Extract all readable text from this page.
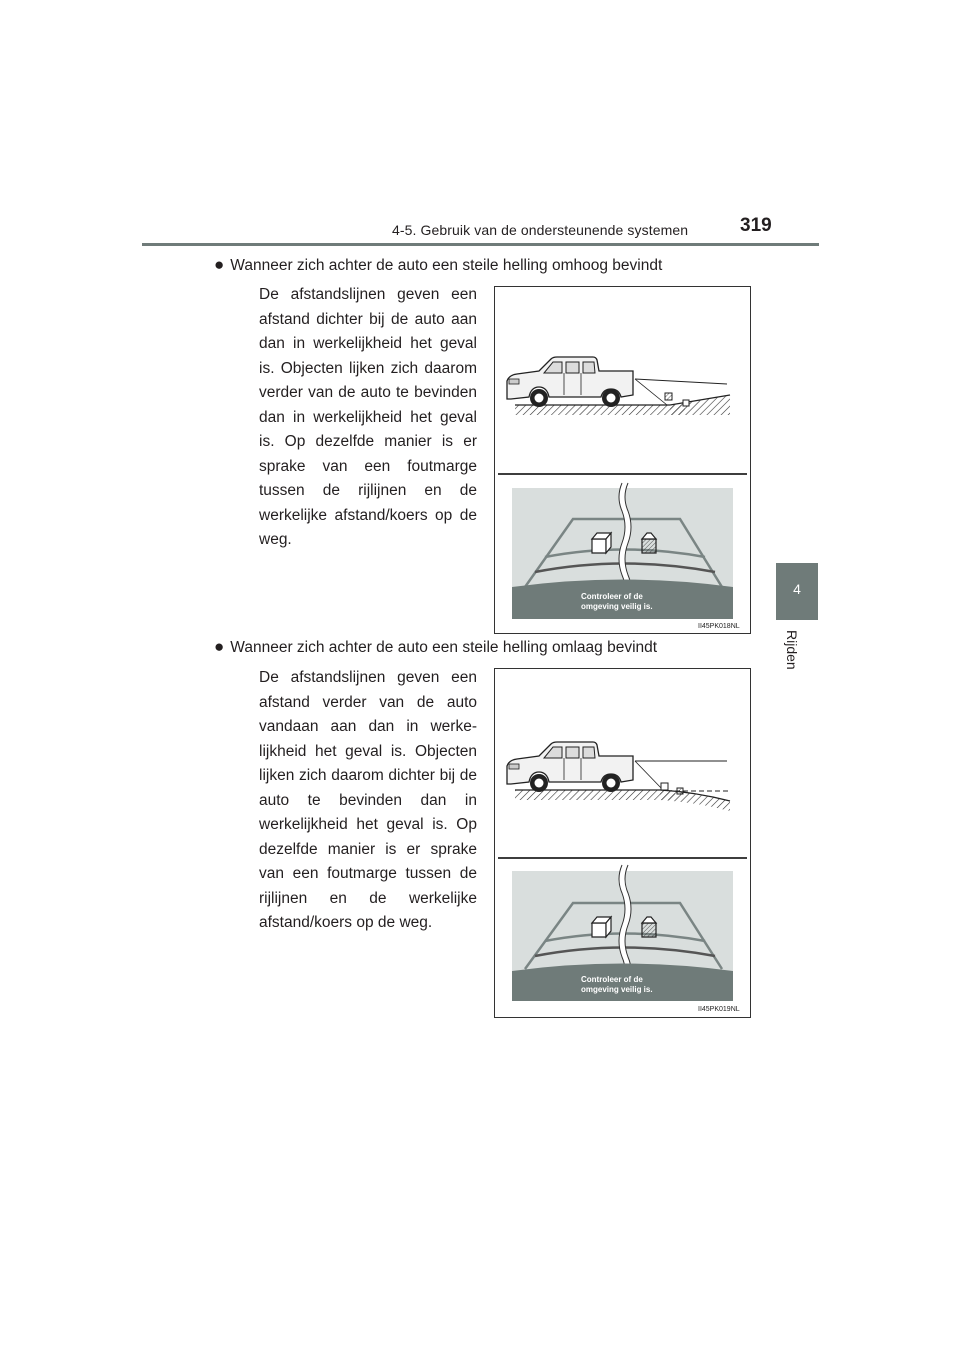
4-5. Gebruik van de ondersteunende systemen	319
4
Rijden
● Wanneer zich achter de auto een steile helling omhoog bevindt
De afstandslijnen geven een afstand dichter bij de auto aan dan in werkelijkheid het geval is. Objecten lijken zich daarom verder van de auto te bevinden dan in werkelijkheid het geval is. Op dezelfde manier is er sprake van een foutmarge tussen de rijlijnen en de werkelijke afstand/koers op de weg.
Controleer of de
omgeving veilig is.
II45PK018NL
● Wanneer zich achter de auto een steile helling omlaag bevindt
De afstandslijnen geven een afstand verder van de auto vandaan aan dan in werkelijkheid het geval is. Objecten lijken zich daarom dichter bij de auto te bevinden dan in werkelijkheid het geval is. Op dezelfde manier is er sprake van een foutmarge tussen de rijlijnen en de werkelijke afstand/koers op de weg.
Controleer of de
omgeving veilig is.
II45PK019NL
